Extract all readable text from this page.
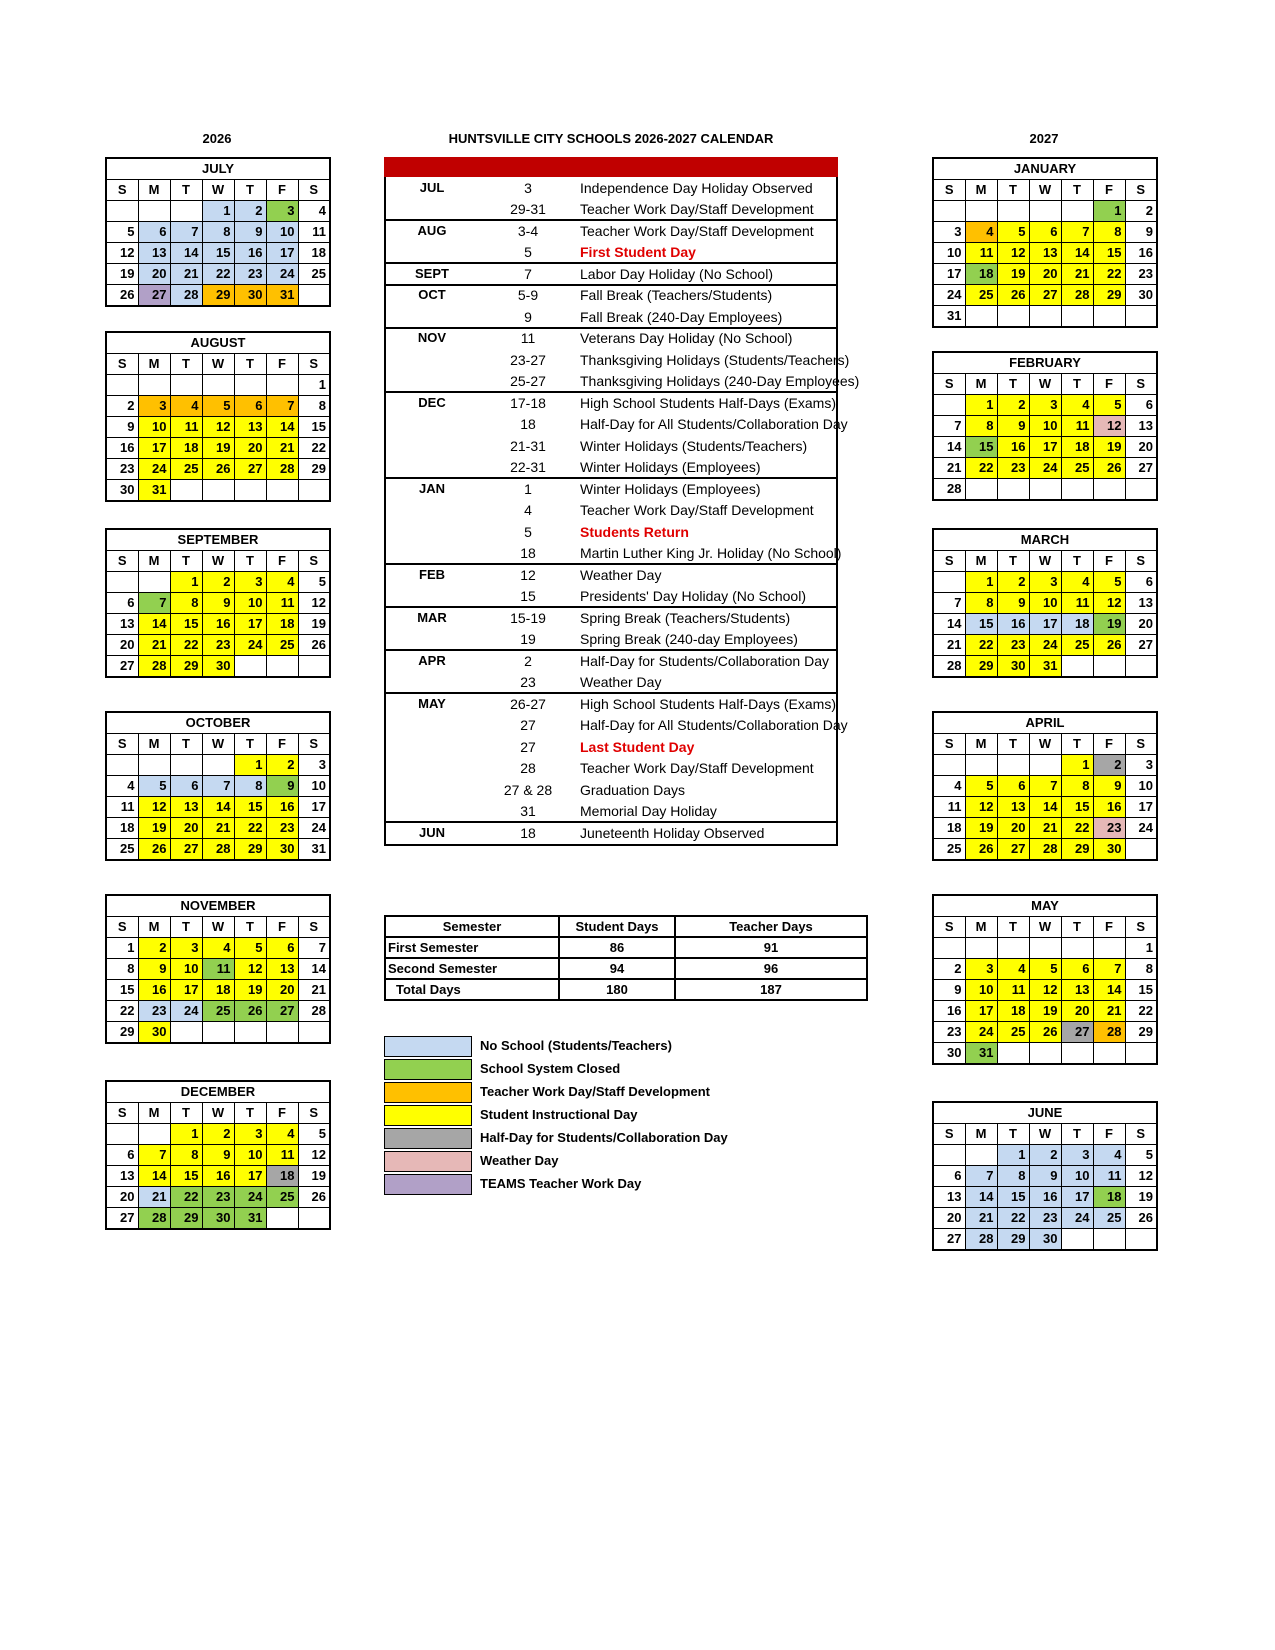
2026	2027
HUNTSVILLE CITY SCHOOLS 2026-2027 CALENDAR
JULY						
S	M	T	W	T	F	S
			1	2	3	4
5	6	7	8	9	10	11
12	13	14	15	16	17	18
19	20	21	22	23	24	25
26	27	28	29	30	31	
AUGUST						
S	M	T	W	T	F	S
						1
2	3	4	5	6	7	8
9	10	11	12	13	14	15
16	17	18	19	20	21	22
23	24	25	26	27	28	29
30	31					
SEPTEMBER						
S	M	T	W	T	F	S
		1	2	3	4	5
6	7	8	9	10	11	12
13	14	15	16	17	18	19
20	21	22	23	24	25	26
27	28	29	30			
OCTOBER						
S	M	T	W	T	F	S
				1	2	3
4	5	6	7	8	9	10
11	12	13	14	15	16	17
18	19	20	21	22	23	24
25	26	27	28	29	30	31
NOVEMBER						
S	M	T	W	T	F	S
1	2	3	4	5	6	7
8	9	10	11	12	13	14
15	16	17	18	19	20	21
22	23	24	25	26	27	28
29	30					
DECEMBER						
S	M	T	W	T	F	S
		1	2	3	4	5
6	7	8	9	10	11	12
13	14	15	16	17	18	19
20	21	22	23	24	25	26
27	28	29	30	31		
JANUARY						
S	M	T	W	T	F	S
					1	2
3	4	5	6	7	8	9
10	11	12	13	14	15	16
17	18	19	20	21	22	23
24	25	26	27	28	29	30
31						
FEBRUARY						
S	M	T	W	T	F	S
	1	2	3	4	5	6
7	8	9	10	11	12	13
14	15	16	17	18	19	20
21	22	23	24	25	26	27
28						
MARCH						
S	M	T	W	T	F	S
	1	2	3	4	5	6
7	8	9	10	11	12	13
14	15	16	17	18	19	20
21	22	23	24	25	26	27
28	29	30	31			
APRIL						
S	M	T	W	T	F	S
				1	2	3
4	5	6	7	8	9	10
11	12	13	14	15	16	17
18	19	20	21	22	23	24
25	26	27	28	29	30	
MAY						
S	M	T	W	T	F	S
						1
2	3	4	5	6	7	8
9	10	11	12	13	14	15
16	17	18	19	20	21	22
23	24	25	26	27	28	29
30	31					
JUNE						
S	M	T	W	T	F	S
		1	2	3	4	5
6	7	8	9	10	11	12
13	14	15	16	17	18	19
20	21	22	23	24	25	26
27	28	29	30			
JUL	3	Independence Day Holiday Observed
	29-31	Teacher Work Day/Staff Development
AUG	3-4	Teacher Work Day/Staff Development
	5	First Student Day
SEPT	7	Labor Day Holiday (No School)
OCT	5-9	Fall Break (Teachers/Students)
	9	Fall Break (240-Day Employees)
NOV	11	Veterans Day Holiday (No School)
	23-27	Thanksgiving Holidays (Students/Teachers)
	25-27	Thanksgiving Holidays (240-Day Employees)
DEC	17-18	High School Students Half-Days (Exams)
	18	Half-Day for All Students/Collaboration Day
	21-31	Winter Holidays (Students/Teachers)
	22-31	Winter Holidays (Employees)
JAN	1	Winter Holidays (Employees)
	4	Teacher Work Day/Staff Development
	5	Students Return
	18	Martin Luther King Jr. Holiday (No School)
FEB	12	Weather Day
	15	Presidents' Day Holiday (No School)
MAR	15-19	Spring Break (Teachers/Students)
	19	Spring Break (240-day Employees)
APR	2	Half-Day for Students/Collaboration Day
	23	Weather Day
MAY	26-27	High School Students Half-Days (Exams)
	27	Half-Day for All Students/Collaboration Day
	27	Last Student Day
	28	Teacher Work Day/Staff Development
	27 & 28	Graduation Days
	31	Memorial Day Holiday
JUN	18	Juneteenth Holiday Observed
Semester	Student Days	Teacher Days
First Semester	86	91
Second Semester	94	96
Total Days	180	187
No School (Students/Teachers)
School System Closed
Teacher Work Day/Staff Development
Student Instructional Day
Half-Day for Students/Collaboration Day
Weather Day
TEAMS Teacher Work Day
